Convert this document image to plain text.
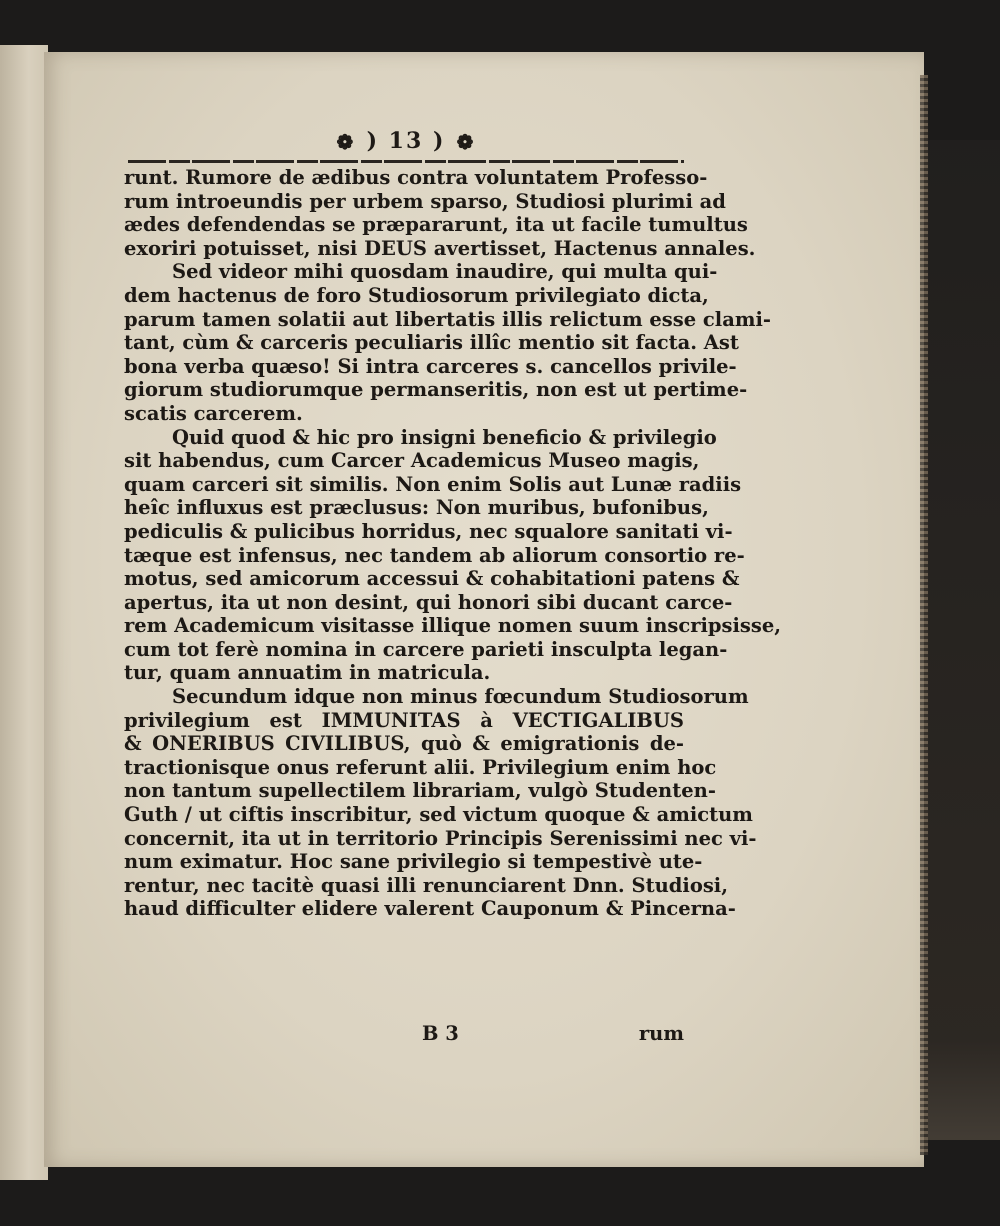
❁ ) 13 ) ❁
runt. Rumore de ædibus contra voluntatem Professo-
rum introeundis per urbem sparso, Studiosi plurimi ad
ædes defendendas se præpararunt, ita ut facile tumultus
exoriri potuisset, nisi DEUS avertisset, Hactenus annales.
Sed videor mihi quosdam inaudire, qui multa qui-
dem hactenus de foro Studiosorum privilegiato dicta,
parum tamen solatii aut libertatis illis relictum esse clami-
tant, cùm & carceris peculiaris illîc mentio sit facta. Ast
bona verba quæso! Si intra carceres s. cancellos privile-
giorum studiorumque permanseritis, non est ut pertime-
scatis carcerem.
Quid quod & hic pro insigni beneficio & privilegio
sit habendus, cum Carcer Academicus Museo magis,
quam carceri sit similis. Non enim Solis aut Lunæ radiis
heîc influxus est præclusus: Non muribus, bufonibus,
pediculis & pulicibus horridus, nec squalore sanitati vi-
tæque est infensus, nec tandem ab aliorum consortio re-
motus, sed amicorum accessui & cohabitationi patens &
apertus, ita ut non desint, qui honori sibi ducant carce-
rem Academicum visitasse illique nomen suum inscripsisse,
cum tot ferè nomina in carcere parieti insculpta legan-
tur, quam annuatim in matricula.
Secundum idque non minus fœcundum Studiosorum
privilegium est IMMUNITAS à VECTIGALIBUS
& ONERIBUS CIVILIBUS, quò & emigrationis de-
tractionisque onus referunt alii. Privilegium enim hoc
non tantum supellectilem librariam, vulgò Studenten-
Guth / ut ciftis inscribitur, sed victum quoque & amictum
concernit, ita ut in territorio Principis Serenissimi nec vi-
num eximatur. Hoc sane privilegio si tempestivè ute-
rentur, nec tacitè quasi illi renunciarent Dnn. Studiosi,
haud difficulter elidere valerent Cauponum & Pincerna-
B 3	rum
